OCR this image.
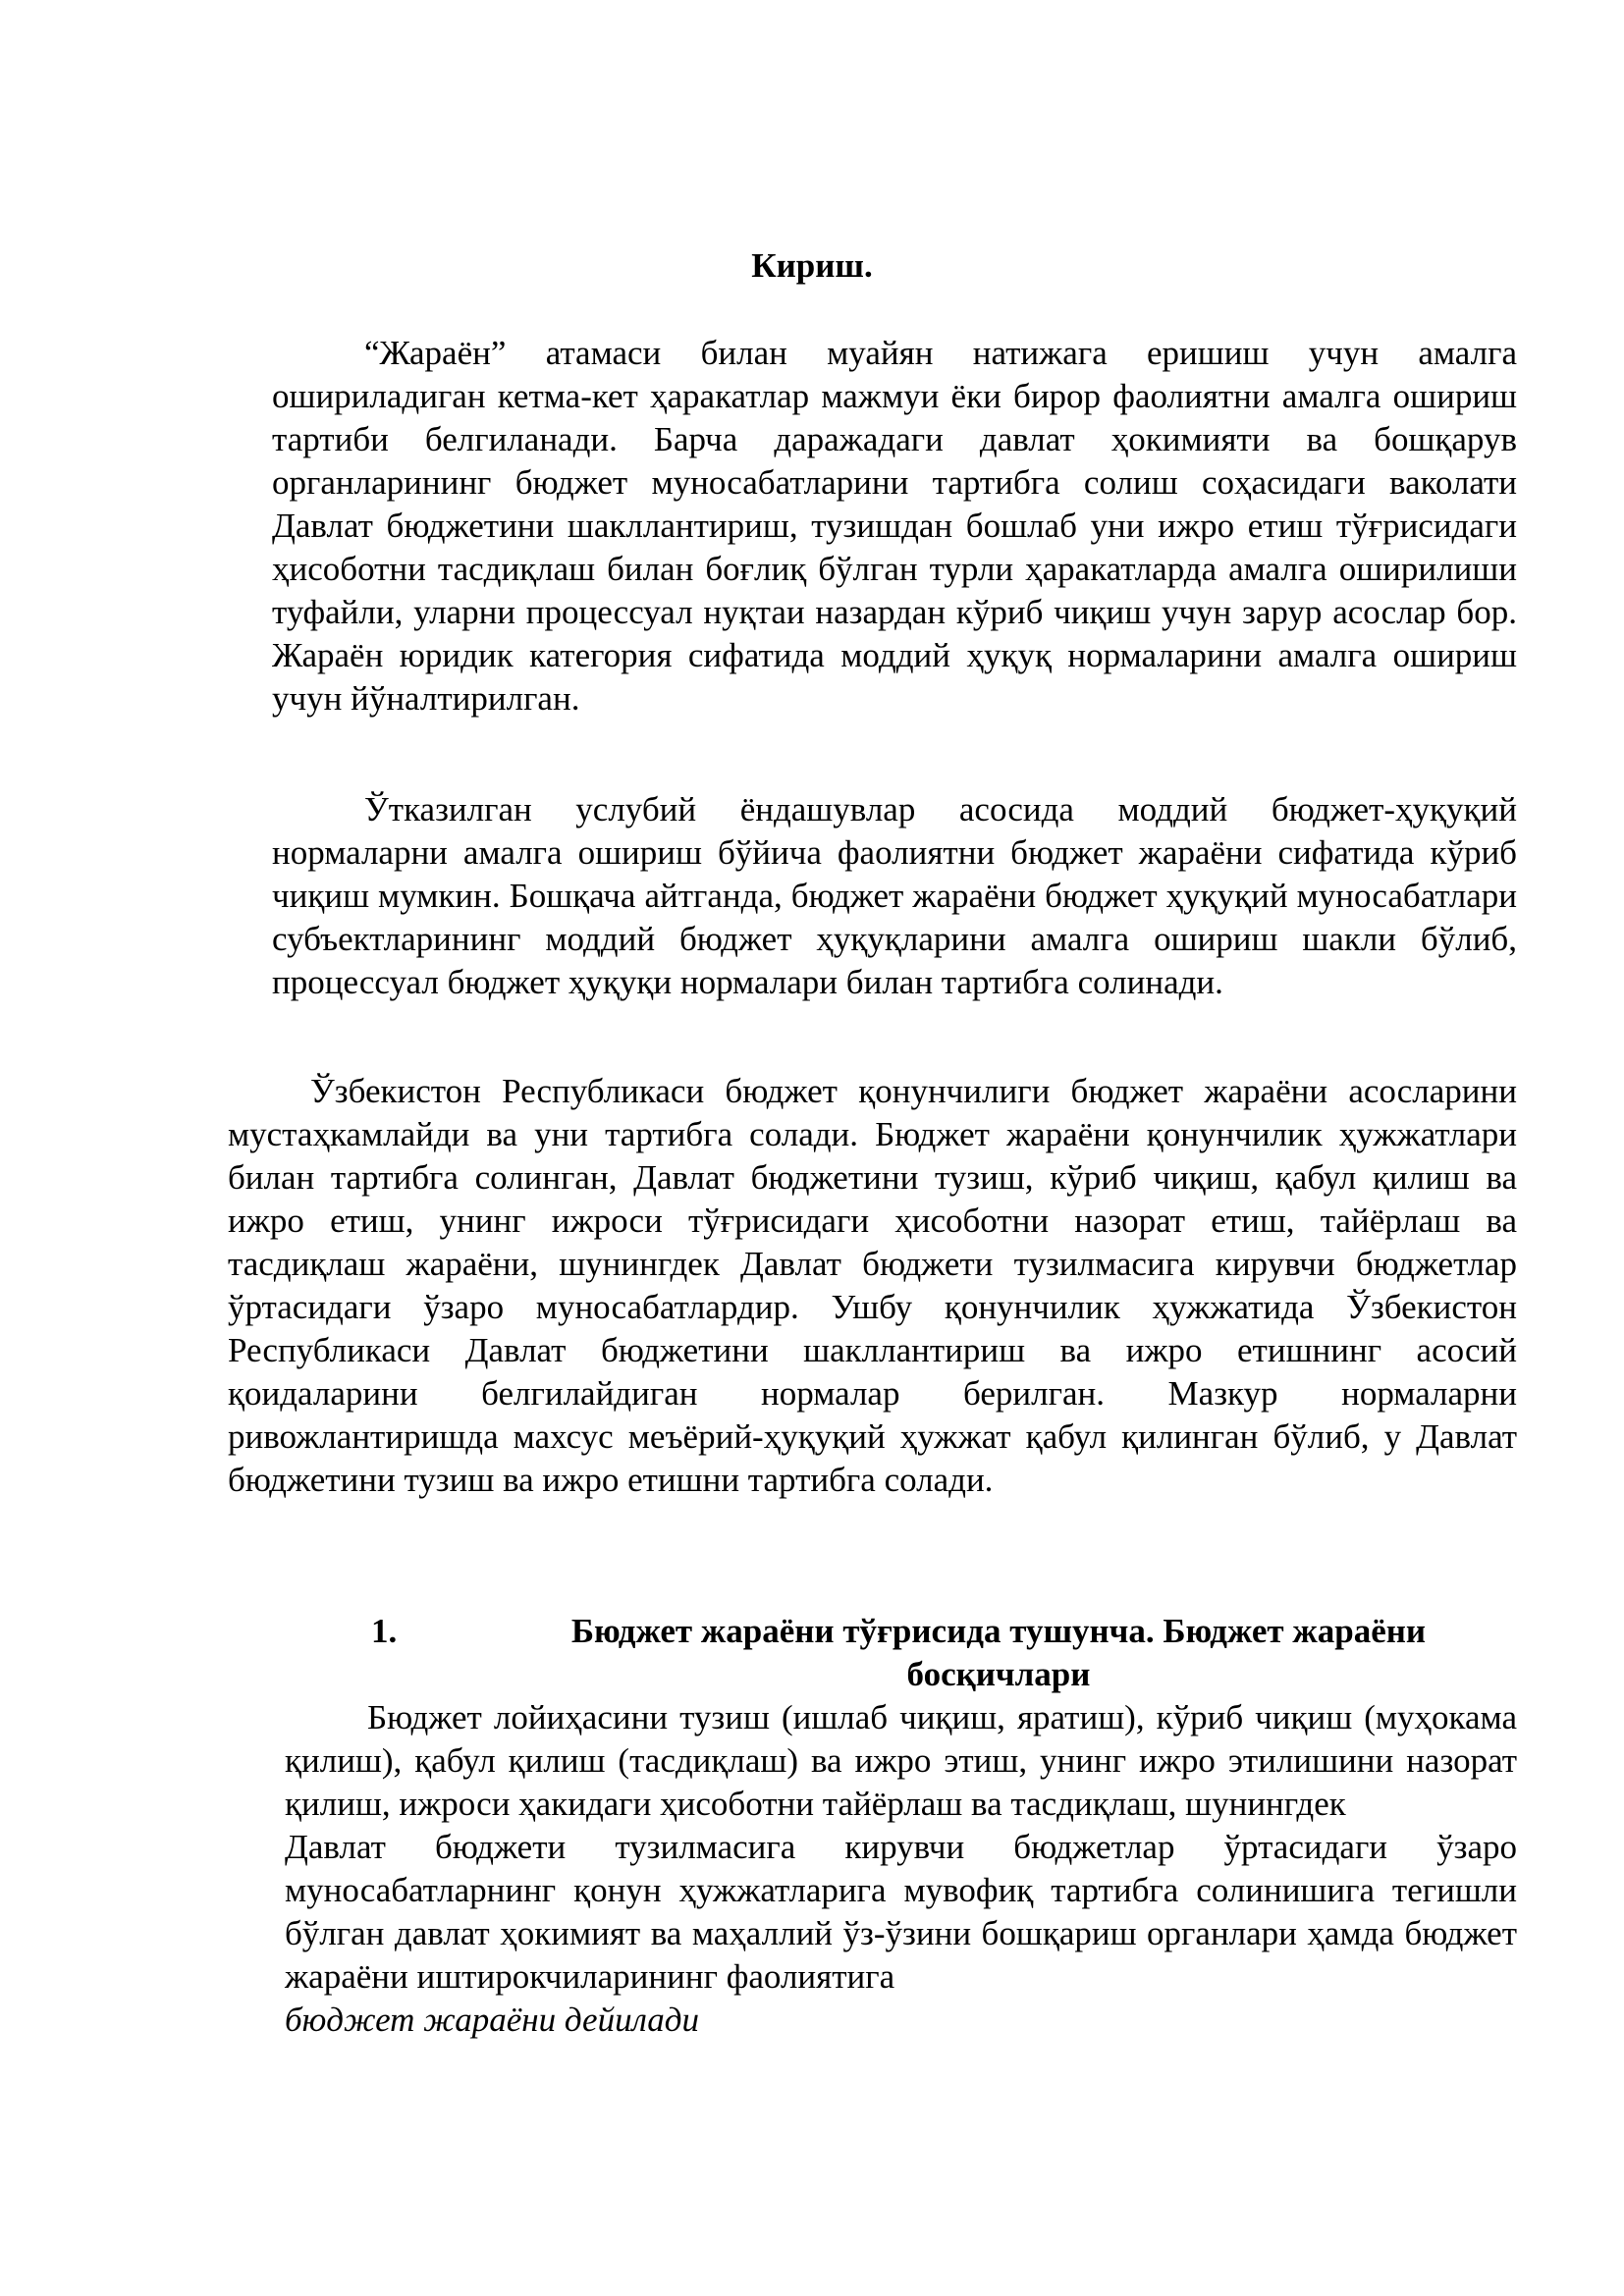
Кириш.

“Жараён” атамаси билан муайян натижага еришиш учун амалга ошириладиган кетма-кет ҳаракатлар мажмуи ёки бирор фаолиятни амалга ошириш тартиби белгиланади. Барча даражадаги давлат ҳокимияти ва бошқарув органларининг бюджет муносабатларини тартибга солиш соҳасидаги ваколати Давлат бюджетини шакллантириш, тузишдан бошлаб уни ижро етиш тўғрисидаги ҳисоботни тасдиқлаш билан боғлиқ бўлган турли ҳаракатларда амалга оширилиши туфайли, уларни процессуал нуқтаи назардан кўриб чиқиш учун зарур асослар бор. Жараён юридик категория сифатида моддий ҳуқуқ нормаларини амалга ошириш учун йўналтирилган.

Ўтказилган услубий ёндашувлар асосида моддий бюджет-ҳуқуқий нормаларни амалга ошириш бўйича фаолиятни бюджет жараёни сифатида кўриб чиқиш мумкин. Бошқача айтганда, бюджет жараёни бюджет ҳуқуқий муносабатлари субъектларининг моддий бюджет ҳуқуқларини амалга ошириш шакли бўлиб, процессуал бюджет ҳуқуқи нормалари билан тартибга солинади.

Ўзбекистон Республикаси бюджет қонунчилиги бюджет жараёни асосларини мустаҳкамлайди ва уни тартибга солади. Бюджет жараёни қонунчилик ҳужжатлари билан тартибга солинган, Давлат бюджетини тузиш, кўриб чиқиш, қабул қилиш ва ижро етиш, унинг ижроси тўғрисидаги ҳисоботни назорат етиш, тайёрлаш ва тасдиқлаш жараёни, шунингдек Давлат бюджети тузилмасига кирувчи бюджетлар ўртасидаги ўзаро муносабатлардир. Ушбу қонунчилик ҳужжатида Ўзбекистон Республикаси Давлат бюджетини шакллантириш ва ижро етишнинг асосий қоидаларини белгилайдиган нормалар берилган. Мазкур нормаларни ривожлантиришда махсус меъёрий-ҳуқуқий ҳужжат қабул қилинган бўлиб, у Давлат бюджетини тузиш ва ижро етишни тартибга солади.

1.	Бюджет жараёни тўғрисида тушунча. Бюджет жараёни босқичлари

Бюджет лойиҳасини тузиш (ишлаб чиқиш, яратиш), кўриб чиқиш (муҳокама қилиш), қабул қилиш (тасдиқлаш) ва ижро этиш, унинг ижро этилишини назорат қилиш, ижроси ҳакидаги ҳисоботни тайёрлаш ва тасдиқлаш, шунингдек
Давлат бюджети тузилмасига кирувчи бюджетлар ўртасидаги ўзаро муносабатларнинг қонун ҳужжатларига мувофиқ тартибга солинишига тегишли бўлган давлат ҳокимият ва маҳаллий ўз-ўзини бошқариш органлари ҳамда бюджет жараёни иштирокчиларининг фаолиятига
бюджет жараёни дейилади
